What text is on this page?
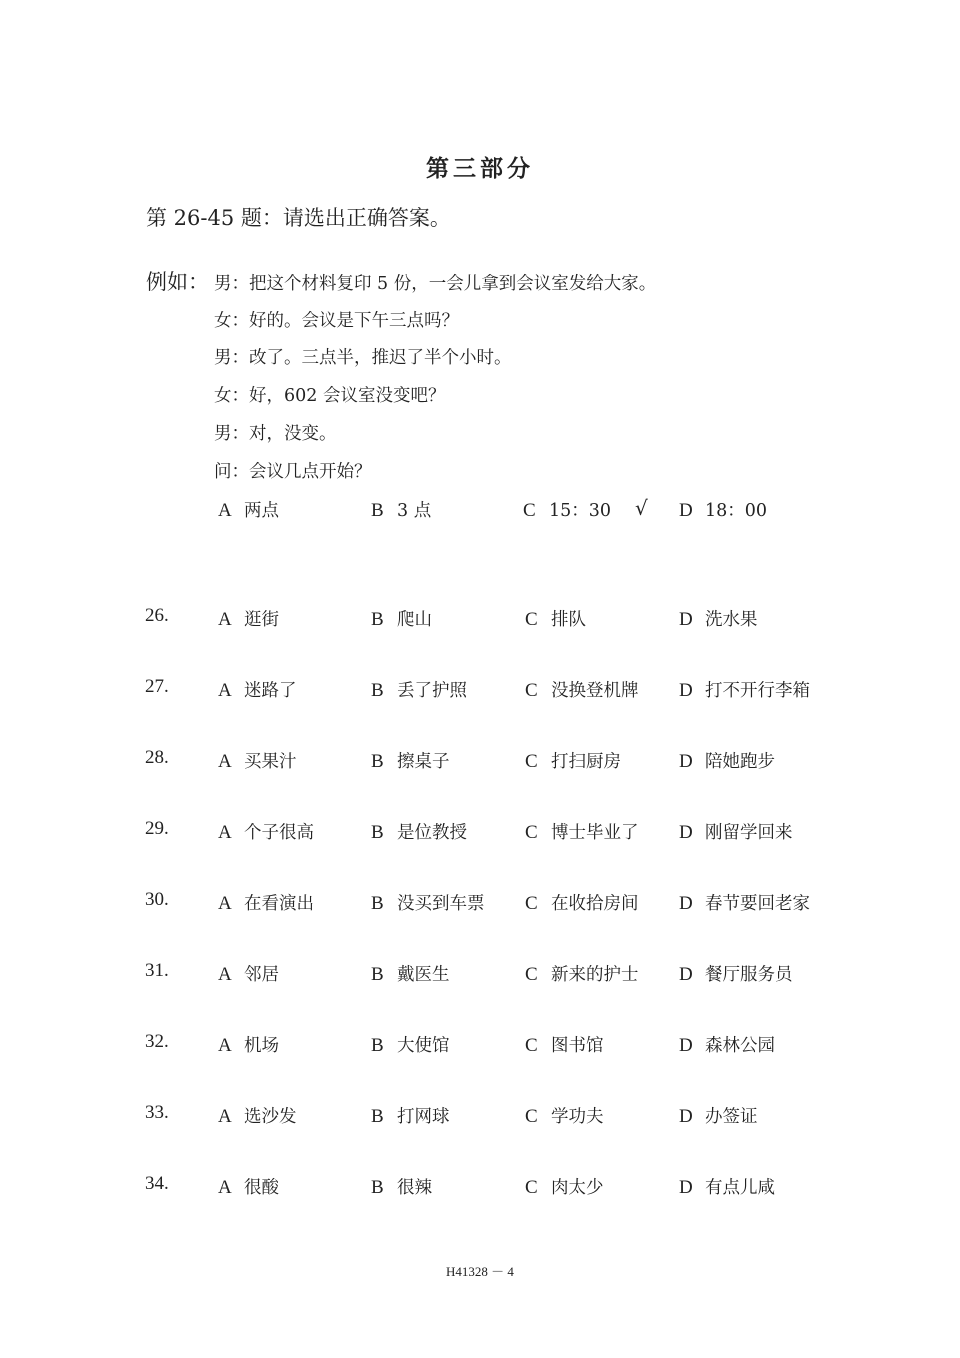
第三部分
第 26-45 题：请选出正确答案。
例如： 男：把这个材料复印 5 份，一会儿拿到会议室发给大家。
女：好的。会议是下午三点吗？
男：改了。三点半，推迟了半个小时。
女：好，602 会议室没变吧？
男：对，没变。
问：会议几点开始？
A 两点	B 3 点	C 15：30 √ D 18：00
26.	A 逛街	B 爬山	C 排队	D 洗水果
27.	A 迷路了	B 丢了护照	C 没换登机牌 D 打不开行李箱
28.	A 买果汁	B 擦桌子	C 打扫厨房	D 陪她跑步
29.	A 个子很高	B 是位教授	C 博士毕业了 D 刚留学回来
30.	A 在看演出	B 没买到车票 C 在收拾房间 D 春节要回老家
31.	A 邻居	B 戴医生	C 新来的护士 D 餐厅服务员
32.	A 机场	B 大使馆	C 图书馆	D 森林公园
33.	A 选沙发	B 打网球	C 学功夫	D 办签证
34.	A 很酸	B 很辣	C 肉太少	D 有点儿咸
H41328 － 4
